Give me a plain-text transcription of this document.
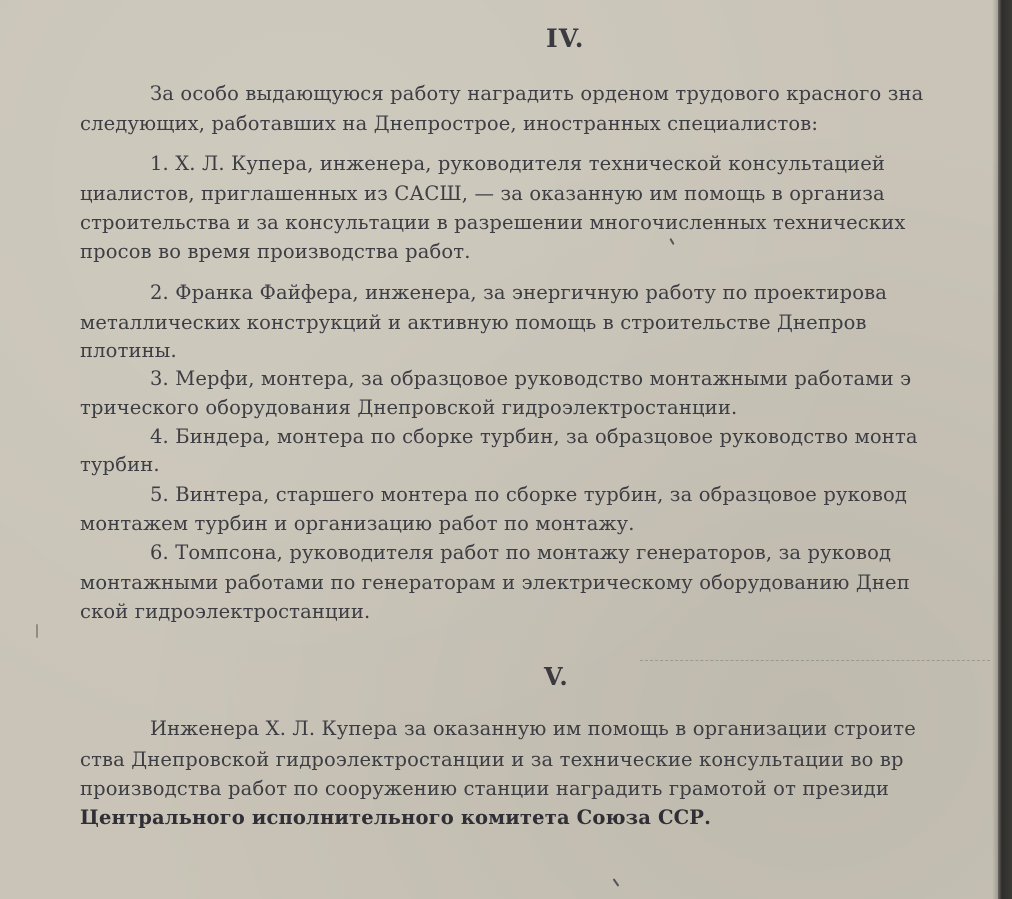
IV.
За особо выдающуюся работу наградить орденом трудового красного зна
следующих, работавших на Днепрострое, иностранных специалистов:
1. Х. Л. Купера, инженера, руководителя технической консультацией
циалистов, приглашенных из САСШ, — за оказанную им помощь в организа
строительства и за консультации в разрешении многочисленных технических
просов во время производства работ.
2. Франка Файфера, инженера, за энергичную работу по проектирова
металлических конструкций и активную помощь в строительстве Днепров
плотины.
3. Мерфи, монтера, за образцовое руководство монтажными работами э
трического оборудования Днепровской гидроэлектростанции.
4. Биндера, монтера по сборке турбин, за образцовое руководство монта
турбин.
5. Винтера, старшего монтера по сборке турбин, за образцовое руковод
монтажем турбин и организацию работ по монтажу.
6. Томпсона, руководителя работ по монтажу генераторов, за руковод
монтажными работами по генераторам и электрическому оборудованию Днеп
ской гидроэлектростанции.
V.
Инженера Х. Л. Купера за оказанную им помощь в организации строите
ства Днепровской гидроэлектростанции и за технические консультации во вр
производства работ по сооружению станции наградить грамотой от президи
Центрального исполнительного комитета Союза ССР.
